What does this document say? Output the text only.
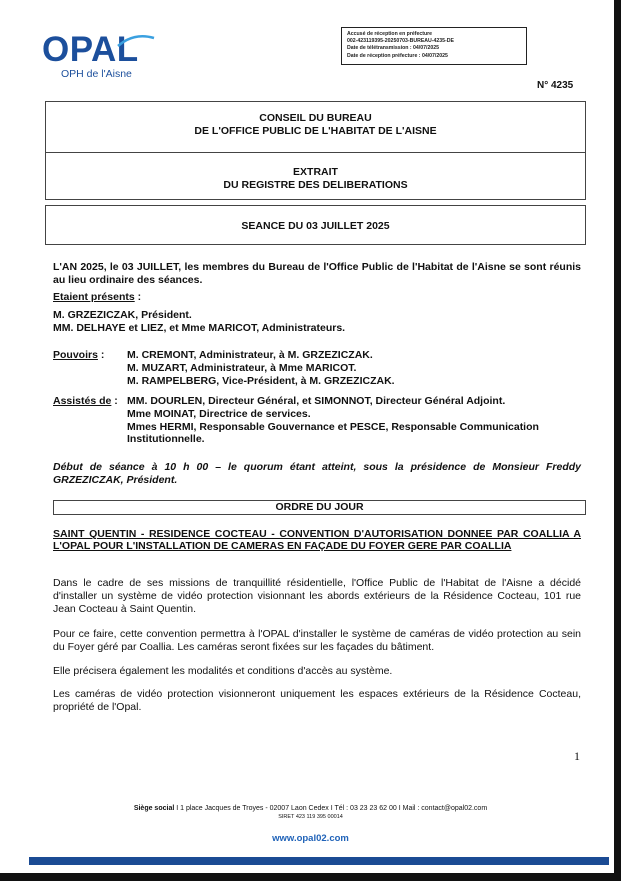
OPAL
OPH de l'Aisne
Accusé de réception en préfecture
002-423119395-20250703-BUREAU-4235-DE
Date de télétransmission : 04/07/2025
Date de réception préfecture : 04/07/2025
N° 4235
CONSEIL DU BUREAU
DE L'OFFICE PUBLIC DE L'HABITAT DE L'AISNE
EXTRAIT
DU REGISTRE DES DELIBERATIONS
SEANCE DU 03 JUILLET 2025
L'AN 2025, le 03 JUILLET, les membres du Bureau de l'Office Public de l'Habitat de l'Aisne se sont réunis au lieu ordinaire des séances.
Etaient présents :
M. GRZEZICZAK, Président.
MM. DELHAYE et LIEZ, et Mme MARICOT, Administrateurs.
Pouvoirs : M. CREMONT, Administrateur, à M. GRZEZICZAK.
M. MUZART, Administrateur, à Mme MARICOT.
M. RAMPELBERG, Vice-Président, à M. GRZEZICZAK.
Assistés de : MM. DOURLEN, Directeur Général, et SIMONNOT, Directeur Général Adjoint.
Mme MOINAT, Directrice de services.
Mmes HERMI, Responsable Gouvernance et PESCE, Responsable Communication
Institutionnelle.
Début de séance à 10 h 00 – le quorum étant atteint, sous la présidence de Monsieur Freddy GRZEZICZAK, Président.
ORDRE DU JOUR
SAINT QUENTIN - RESIDENCE COCTEAU - CONVENTION D'AUTORISATION DONNEE PAR COALLIA A L'OPAL POUR L'INSTALLATION DE CAMERAS EN FAÇADE DU FOYER GERE PAR COALLIA
Dans le cadre de ses missions de tranquillité résidentielle, l'Office Public de l'Habitat de l'Aisne a décidé d'installer un système de vidéo protection visionnant les abords extérieurs de la Résidence Cocteau, 101 rue Jean Cocteau à Saint Quentin.
Pour ce faire, cette convention permettra à l'OPAL d'installer le système de caméras de vidéo protection au sein du Foyer géré par Coallia. Les caméras seront fixées sur les façades du bâtiment.
Elle précisera également les modalités et conditions d'accès au système.
Les caméras de vidéo protection visionneront uniquement les espaces extérieurs de la Résidence Cocteau, propriété de l'Opal.
1
Siège social I 1 place Jacques de Troyes - 02007 Laon Cedex I Tél : 03 23 23 62 00 I Mail : contact@opal02.com
SIRET 423 119 395 00014
www.opal02.com
